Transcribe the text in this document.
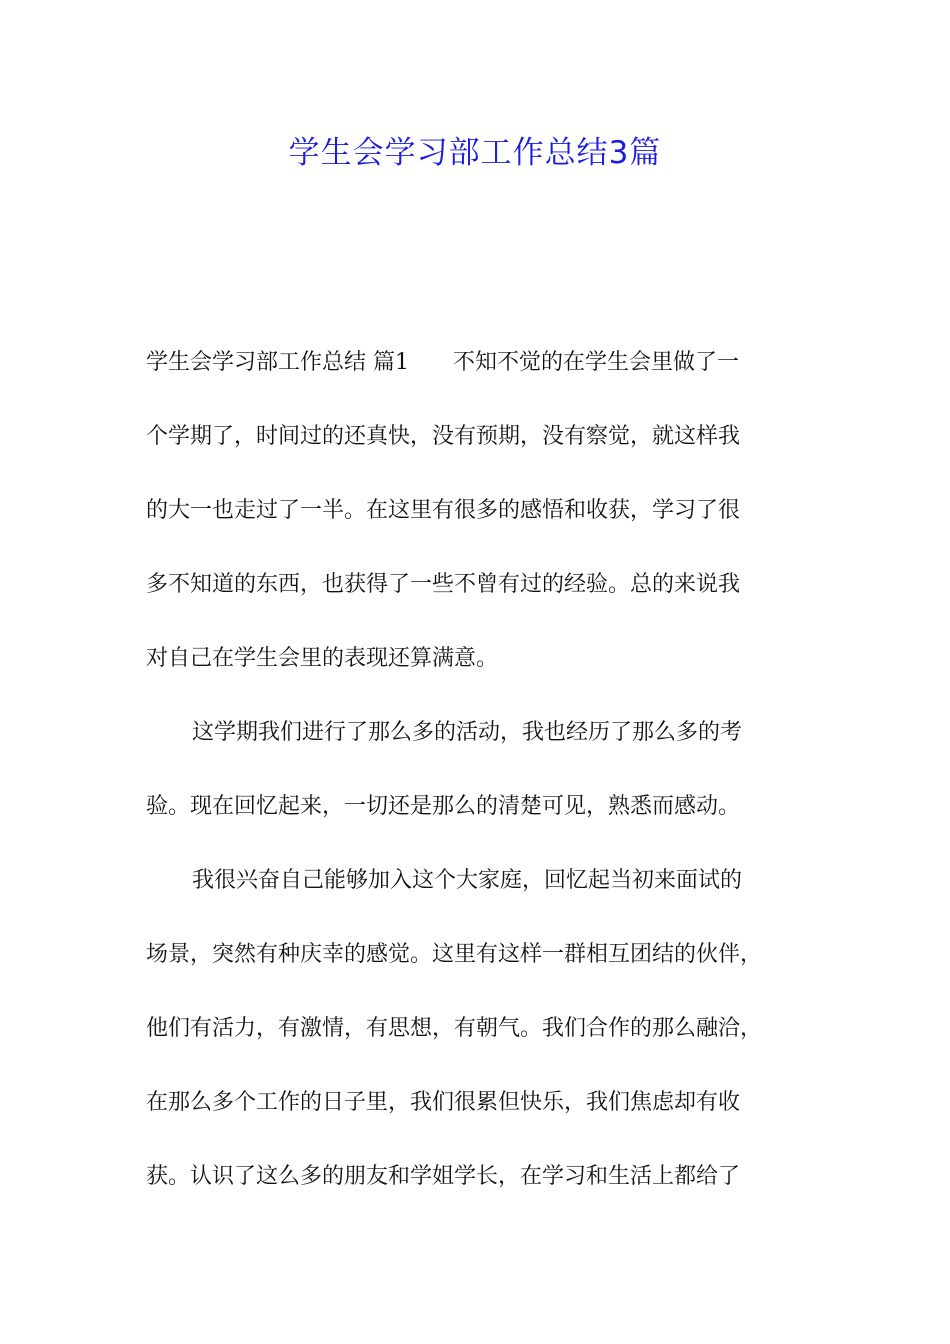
学生会学习部工作总结3篇

学生会学习部工作总结 篇1 不知不觉的在学生会里做了一

个学期了，时间过的还真快，没有预期，没有察觉，就这样我

的大一也走过了一半。在这里有很多的感悟和收获，学习了很

多不知道的东西，也获得了一些不曾有过的经验。总的来说我

对自己在学生会里的表现还算满意。

这学期我们进行了那么多的活动，我也经历了那么多的考

验。现在回忆起来，一切还是那么的清楚可见，熟悉而感动。

我很兴奋自己能够加入这个大家庭，回忆起当初来面试的

场景，突然有种庆幸的感觉。这里有这样一群相互团结的伙伴，

他们有活力，有激情，有思想，有朝气。我们合作的那么融洽，

在那么多个工作的日子里，我们很累但快乐，我们焦虑却有收

获。认识了这么多的朋友和学姐学长，在学习和生活上都给了
